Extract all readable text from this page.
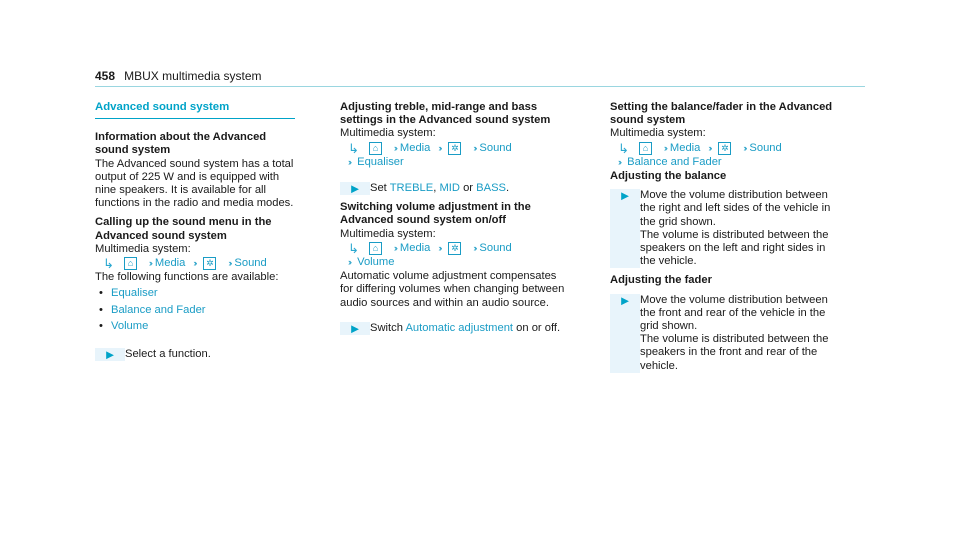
458 MBUX multimedia system
Advanced sound system
Information about the Advanced sound system
The Advanced sound system has a total output of 225 W and is equipped with nine speakers. It is available for all functions in the radio and media modes.
Calling up the sound menu in the Advanced sound system
Multimedia system:
↳	⌂	›› Media ››	✲	›› Sound
The following functions are available:
• Equaliser
• Balance and Fader
• Volume
► Select a function.
Adjusting treble, mid-range and bass settings in the Advanced sound system
Multimedia system:
↳	⌂	›› Media ››	✲	›› Sound
›› Equaliser
► Set TREBLE, MID or BASS.
Switching volume adjustment in the Advanced sound system on/off
Multimedia system:
↳	⌂	›› Media ››	✲	›› Sound
›› Volume
Automatic volume adjustment compensates for differing volumes when changing between audio sources and within an audio source.
► Switch Automatic adjustment on or off.
Setting the balance/fader in the Advanced sound system
Multimedia system:
↳	⌂	›› Media ››	✲	›› Sound
›› Balance and Fader
Adjusting the balance
► Move the volume distribution between the right and left sides of the vehicle in the grid shown.
The volume is distributed between the speakers on the left and right sides in the vehicle.
Adjusting the fader
► Move the volume distribution between the front and rear of the vehicle in the grid shown.
The volume is distributed between the speakers in the front and rear of the vehicle.
